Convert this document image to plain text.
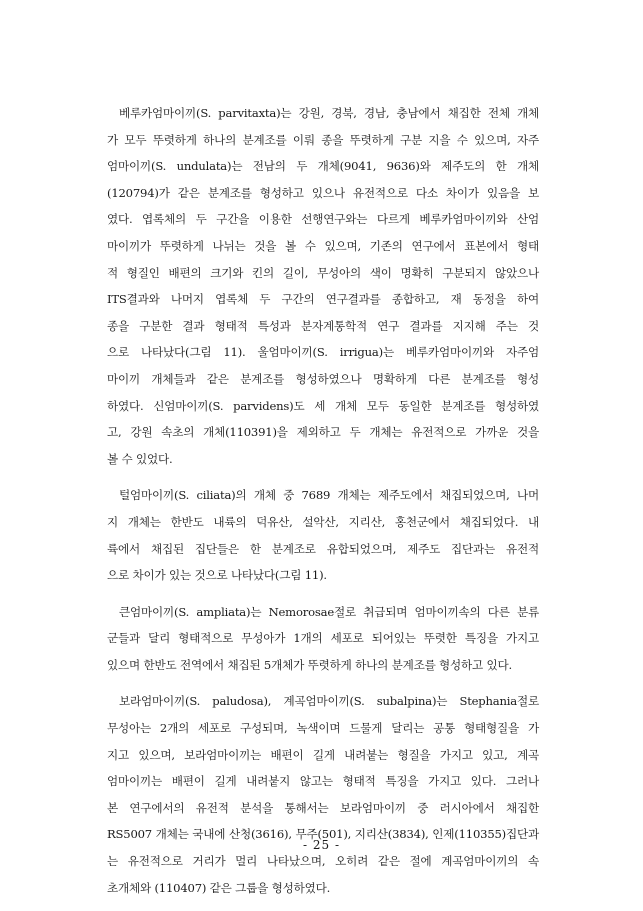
베루카엄마이끼(S. parvitaxta)는 강원, 경북, 경남, 충남에서 채집한 전체 개체
가 모두 뚜렷하게 하나의 분계조를 이뤄 종을 뚜렷하게 구분 지을 수 있으며, 자주
엄마이끼(S. undulata)는 전남의 두 개체(9041, 9636)와 제주도의 한 개체
(120794)가 같은 분계조를 형성하고 있으나 유전적으로 다소 차이가 있음을 보
였다. 엽록체의 두 구간을 이용한 선행연구와는 다르게 베루카엄마이끼와 산엄
마이끼가 뚜렷하게 나뉘는 것을 볼 수 있으며, 기존의 연구에서 표본에서 형태
적 형질인 배편의 크기와 킨의 길이, 무성아의 색이 명확히 구분되지 않았으나
ITS결과와 나머지 엽록체 두 구간의 연구결과를 종합하고, 재 동정을 하여
종을 구분한 결과 형태적 특성과 분자계통학적 연구 결과를 지지해 주는 것
으로 나타났다(그림 11). 울엄마이끼(S. irrigua)는 베루카엄마이끼와 자주엄
마이끼 개체들과 같은 분계조를 형성하였으나 명확하게 다른 분계조를 형성
하였다. 신엄마이끼(S. parvidens)도 세 개체 모두 동일한 분계조를 형성하였
고, 강원 속초의 개체(110391)을 제외하고 두 개체는 유전적으로 가까운 것을
볼 수 있었다.
털엄마이끼(S. ciliata)의 개체 중 7689 개체는 제주도에서 채집되었으며, 나머
지 개체는 한반도 내륙의 덕유산, 설악산, 지리산, 홍천군에서 채집되었다. 내
륙에서 채집된 집단들은 한 분계조로 유합되었으며, 제주도 집단과는 유전적
으로 차이가 있는 것으로 나타났다(그림 11).
큰엄마이끼(S. ampliata)는 Nemorosae절로 취급되며 엄마이끼속의 다른 분류
군들과 달리 형태적으로 무성아가 1개의 세포로 되어있는 뚜렷한 특징을 가지고
있으며 한반도 전역에서 채집된 5개체가 뚜렷하게 하나의 분계조를 형성하고 있다.
보라엄마이끼(S. paludosa), 계곡엄마이끼(S. subalpina)는 Stephania절로
무성아는 2개의 세포로 구성되며, 녹색이며 드물게 달리는 공통 형태형질을 가
지고 있으며, 보라엄마이끼는 배편이 길게 내려붙는 형질을 가지고 있고, 계곡
엄마이끼는 배편이 길게 내려붙지 않고는 형태적 특징을 가지고 있다. 그러나
본 연구에서의 유전적 분석을 통해서는 보라엄마이끼 중 러시아에서 채집한
RS5007 개체는 국내에 산청(3616), 무주(501), 지리산(3834), 인제(110355)집단과
는 유전적으로 거리가 멀리 나타났으며, 오히려 같은 절에 계곡엄마이끼의 속
초개체와 (110407) 같은 그룹을 형성하였다.
- 25 -
